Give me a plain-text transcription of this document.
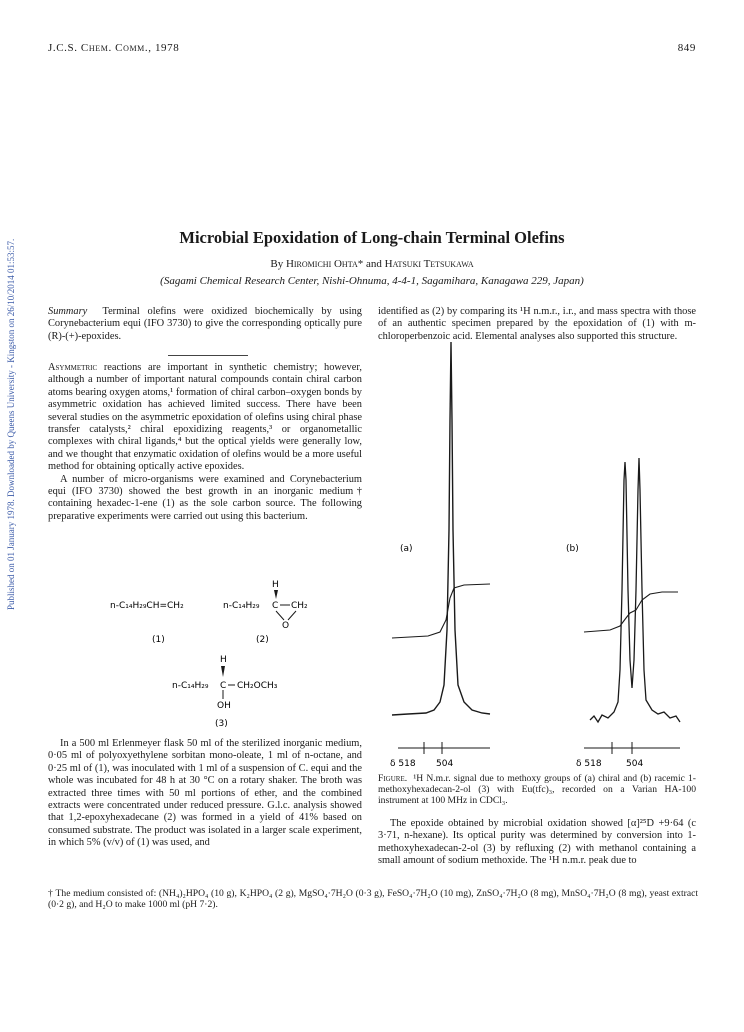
J.C.S. Chem. Comm., 1978	849
Published on 01 January 1978. Downloaded by Queens University - Kingston on 26/10/2014 01:53:57.
Microbial Epoxidation of Long-chain Terminal Olefins
By Hiromichi Ohta* and Hatsuki Tetsukawa
(Sagami Chemical Research Center, Nishi-Ohnuma, 4-4-1, Sagamihara, Kanagawa 229, Japan)
Summary Terminal olefins were oxidized biochemically by using Corynebacterium equi (IFO 3730) to give the corresponding optically pure (R)-(+)-epoxides.

Asymmetric reactions are important in synthetic chemistry; however, although a number of important natural compounds contain chiral carbon atoms bearing oxygen atoms,¹ formation of chiral carbon–oxygen bonds by asymmetric oxidation has achieved limited success. There have been several studies on the asymmetric epoxidation of olefins using chiral phase transfer catalysts,² chiral epoxidizing reagents,³ or organometallic complexes with chiral ligands,⁴ but the optical yields were generally low, and we thought that enzymatic oxidation of olefins would be a more useful method for obtaining optically active epoxides.

A number of micro-organisms were examined and Corynebacterium equi (IFO 3730) showed the best growth in an inorganic medium† containing hexadec-1-ene (1) as the sole carbon source. The following preparative experiments were carried out using this bacterium.

n-C₁₄H₂₉CH=CH₂
(1)
n-C₁₄H₂₉ C CH₂
H
O
(2)
n-C₁₄H₂₉ C CH₂OCH₃
H
OH
(3)

In a 500 ml Erlenmeyer flask 50 ml of the sterilized inorganic medium, 0·05 ml of polyoxyethylene sorbitan mono-oleate, 1 ml of n-octane, and 0·25 ml of (1), was inoculated with 1 ml of a suspension of C. equi and the whole was incubated for 48 h at 30 °C on a rotary shaker. The broth was extracted three times with 50 ml portions of ether, and the combined extracts were concentrated under reduced pressure. G.l.c. analysis showed that 1,2-epoxyhexadecane (2) was formed in a yield of 41% based on consumed substrate. The product was isolated in a larger scale experiment, in which 5% (v/v) of (1) was used, and

identified as (2) by comparing its ¹H n.m.r., i.r., and mass spectra with those of an authentic specimen prepared by the epoxidation of (1) with m-chloroperbenzoic acid. Elemental analyses also supported this structure.

(a)
δ 518 504
(b)
δ 518	504
Figure. ¹H N.m.r. signal due to methoxy groups of (a) chiral and (b) racemic 1-methoxyhexadecan-2-ol (3) with Eu(tfc)₃, recorded on a Varian HA-100 instrument at 100 MHz in CDCl₃.

The epoxide obtained by microbial oxidation showed [α]²⁵D +9·64 (c 3·71, n-hexane). Its optical purity was determined by conversion into 1-methoxyhexadecan-2-ol (3) by refluxing (2) with methanol containing a small amount of sodium methoxide. The ¹H n.m.r. peak due to

† The medium consisted of: (NH₄)₂HPO₄ (10 g), K₂HPO₄ (2 g), MgSO₄·7H₂O (0·3 g), FeSO₄·7H₂O (10 mg), ZnSO₄·7H₂O (8 mg), MnSO₄·7H₂O (8 mg), yeast extract (0·2 g), and H₂O to make 1000 ml (pH 7·2).
